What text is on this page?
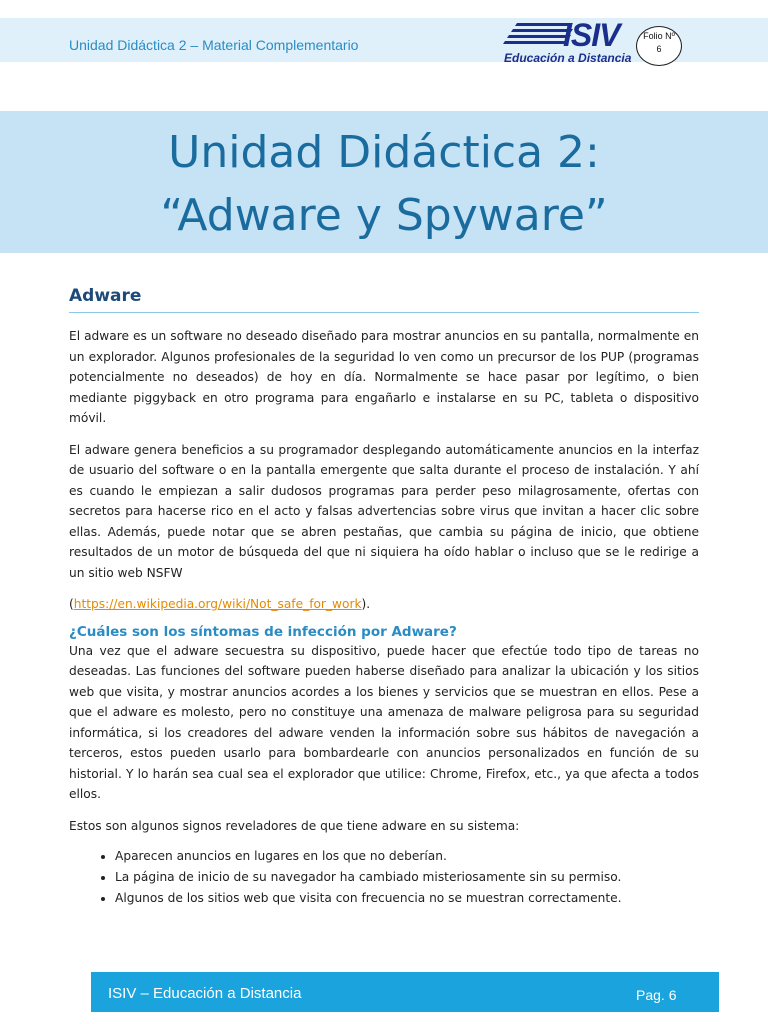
Unidad Didáctica 2 – Material Complementario	ISIV
Educación a Distancia
Folio Nº
6
Unidad Didáctica 2:
“Adware y Spyware”
Adware

El adware es un software no deseado diseñado para mostrar anuncios en su pantalla, normalmente en un explorador. Algunos profesionales de la seguridad lo ven como un precursor de los PUP (programas potencialmente no deseados) de hoy en día. Normalmente se hace pasar por legítimo, o bien mediante piggyback en otro programa para engañarlo e instalarse en su PC, tableta o dispositivo móvil.

El adware genera beneficios a su programador desplegando automáticamente anuncios en la interfaz de usuario del software o en la pantalla emergente que salta durante el proceso de instalación. Y ahí es cuando le empiezan a salir dudosos programas para perder peso milagrosamente, ofertas con secretos para hacerse rico en el acto y falsas advertencias sobre virus que invitan a hacer clic sobre ellas. Además, puede notar que se abren pestañas, que cambia su página de inicio, que obtiene resultados de un motor de búsqueda del que ni siquiera ha oído hablar o incluso que se le redirige a un sitio web NSFW

(https://en.wikipedia.org/wiki/Not_safe_for_work).

¿Cuáles son los síntomas de infección por Adware?

Una vez que el adware secuestra su dispositivo, puede hacer que efectúe todo tipo de tareas no deseadas. Las funciones del software pueden haberse diseñado para analizar la ubicación y los sitios web que visita, y mostrar anuncios acordes a los bienes y servicios que se muestran en ellos. Pese a que el adware es molesto, pero no constituye una amenaza de malware peligrosa para su seguridad informática, si los creadores del adware venden la información sobre sus hábitos de navegación a terceros, estos pueden usarlo para bombardearle con anuncios personalizados en función de su historial. Y lo harán sea cual sea el explorador que utilice: Chrome, Firefox, etc., ya que afecta a todos ellos.

Estos son algunos signos reveladores de que tiene adware en su sistema:

• Aparecen anuncios en lugares en los que no deberían.
• La página de inicio de su navegador ha cambiado misteriosamente sin su permiso.
• Algunos de los sitios web que visita con frecuencia no se muestran correctamente.
ISIV – Educación a Distancia	Pag. 6
